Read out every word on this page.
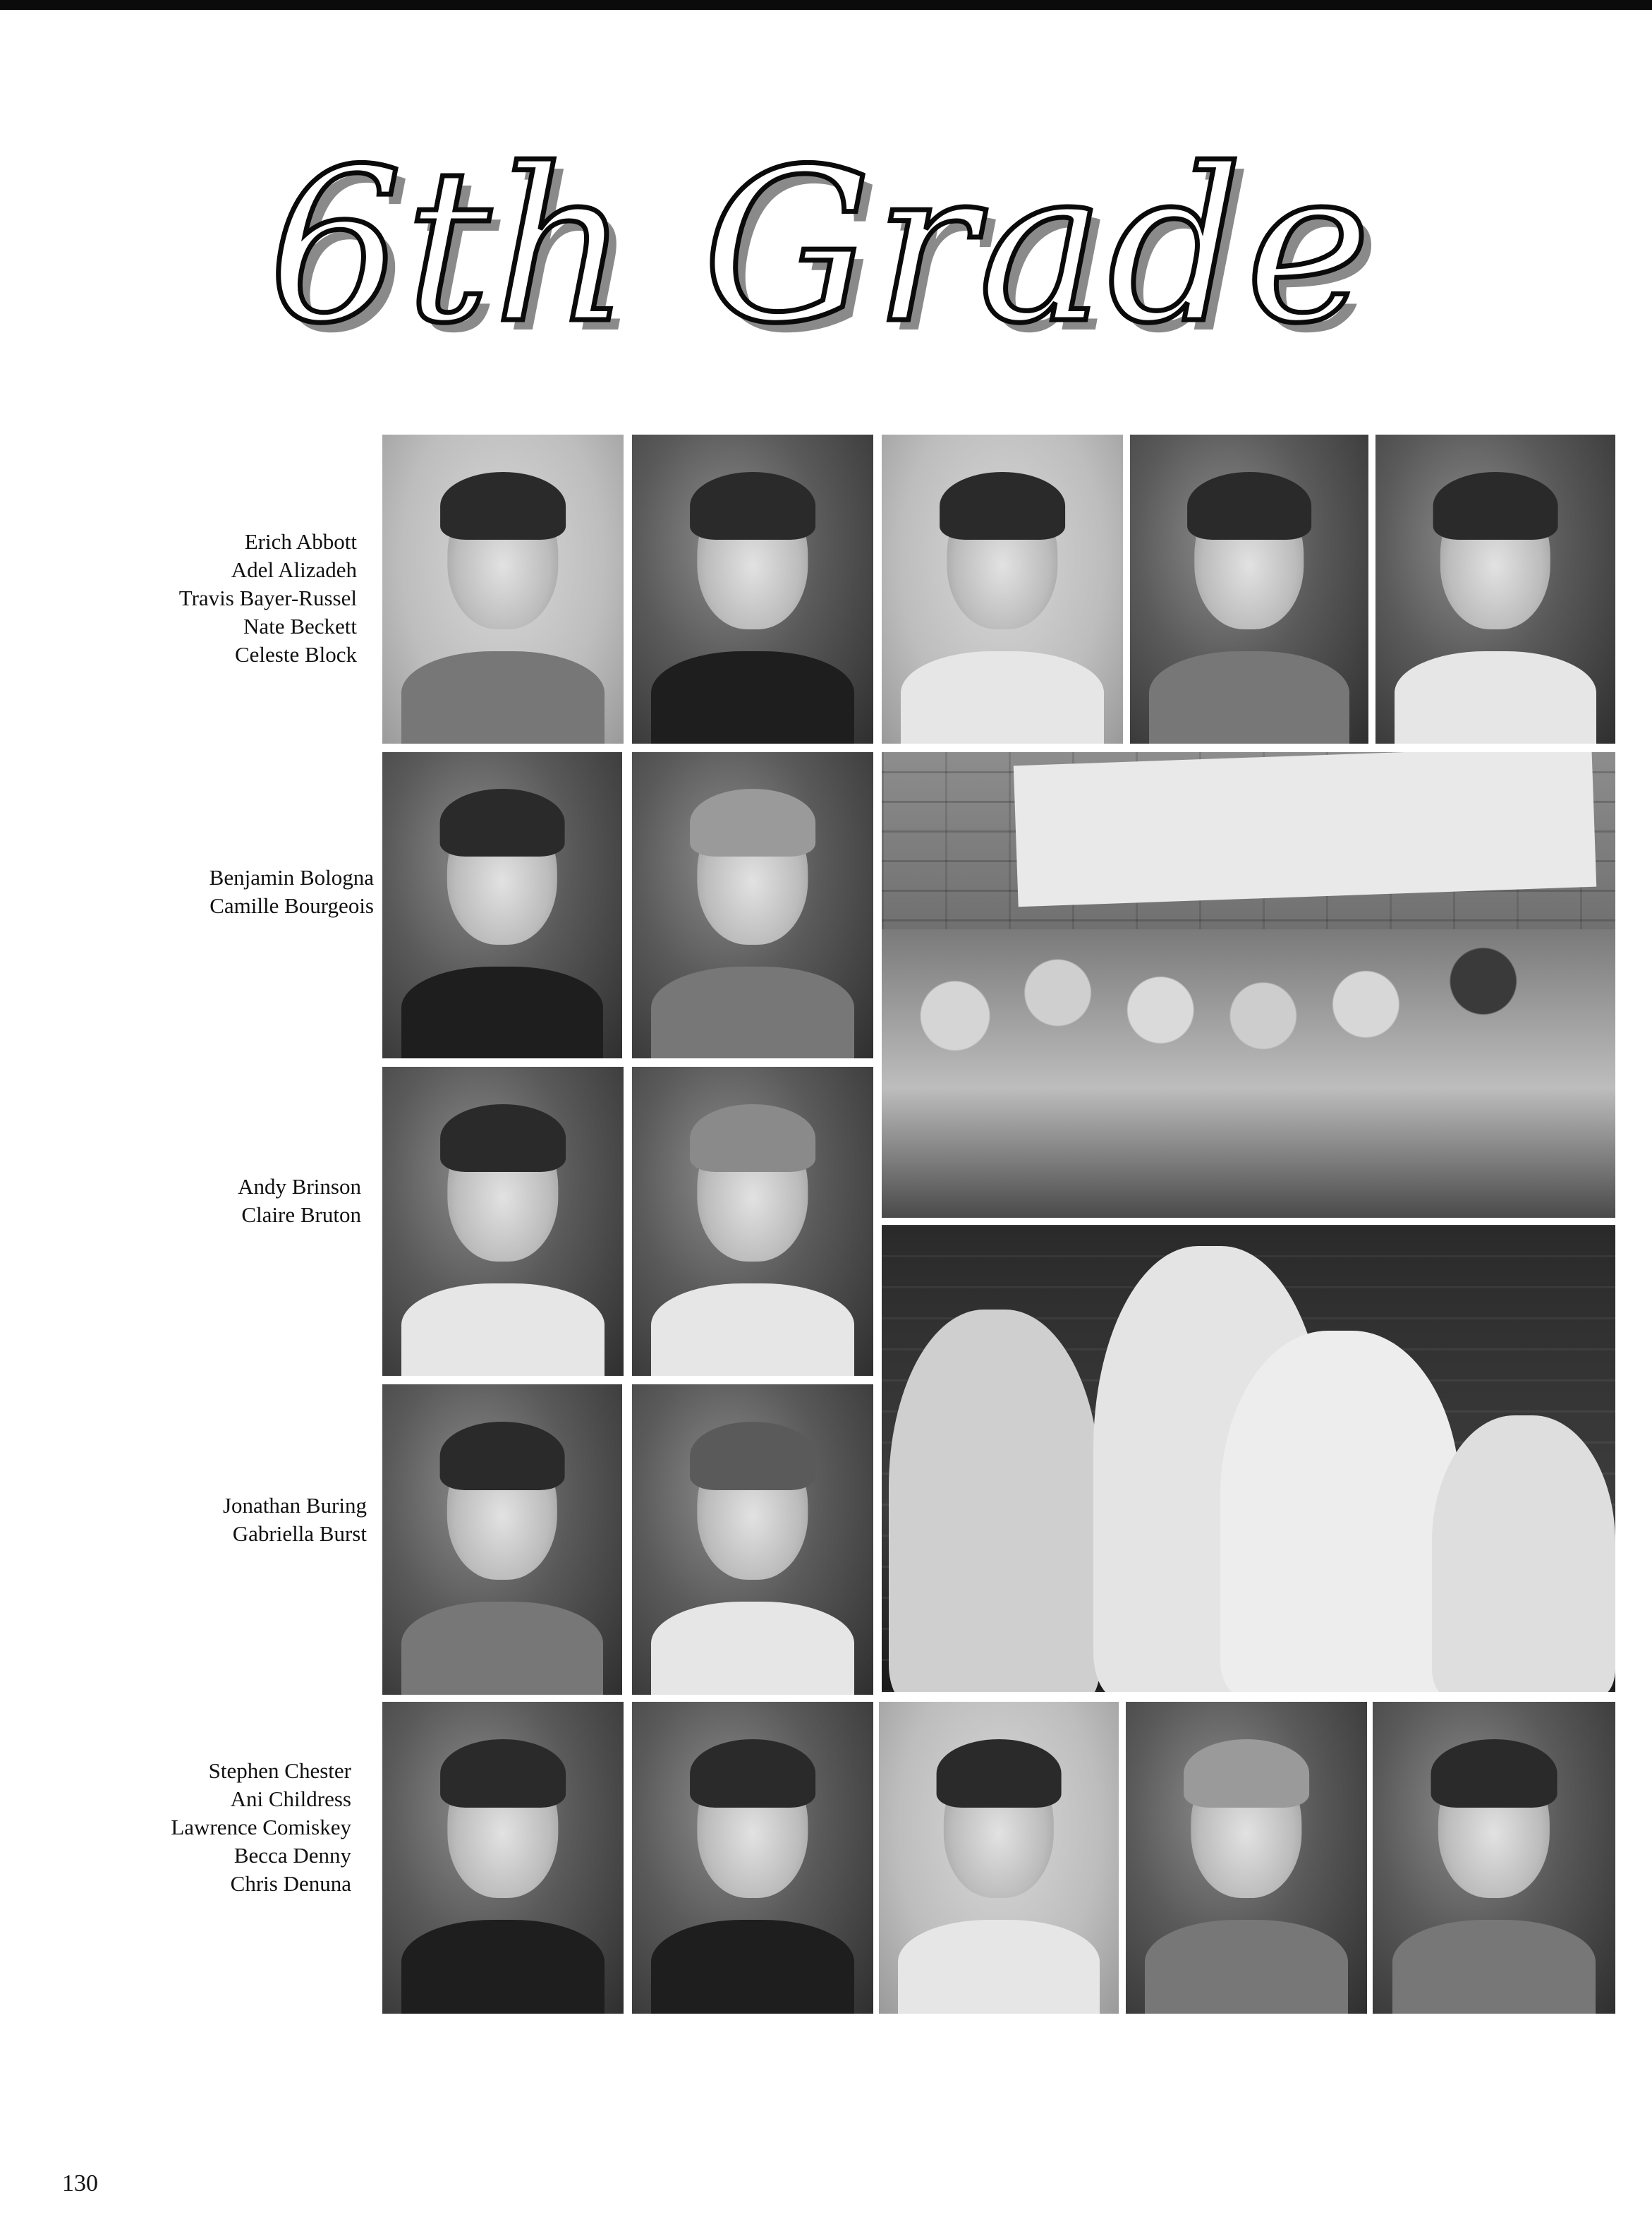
6th Grade
Erich Abbott
Adel Alizadeh
Travis Bayer-Russel
Nate Beckett
Celeste Block
Benjamin Bologna
Camille Bourgeois
Andy Brinson
Claire Bruton
Jonathan Buring
Gabriella Burst
Stephen Chester
Ani Childress
Lawrence Comiskey
Becca Denny
Chris Denuna
130
